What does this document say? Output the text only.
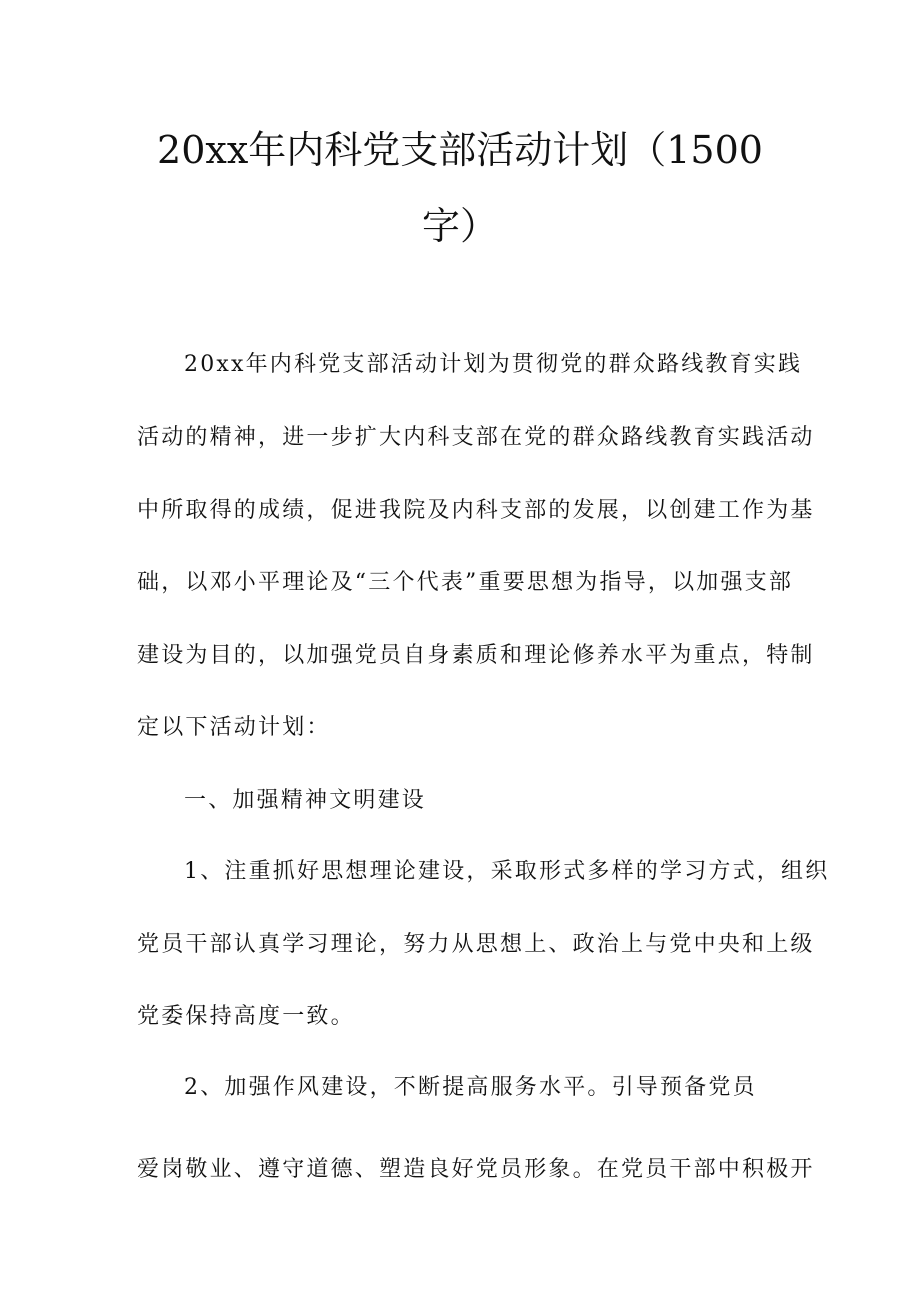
20xx年内科党支部活动计划（1500
字）
20xx年内科党支部活动计划为贯彻党的群众路线教育实践
活动的精神，进一步扩大内科支部在党的群众路线教育实践活动
中所取得的成绩，促进我院及内科支部的发展，以创建工作为基
础，以邓小平理论及“三个代表”重要思想为指导，以加强支部
建设为目的，以加强党员自身素质和理论修养水平为重点，特制
定以下活动计划：
一、加强精神文明建设
1、注重抓好思想理论建设，采取形式多样的学习方式，组织
党员干部认真学习理论，努力从思想上、政治上与党中央和上级
党委保持高度一致。
2、加强作风建设，不断提高服务水平。引导预备党员
爱岗敬业、遵守道德、塑造良好党员形象。在党员干部中积极开
